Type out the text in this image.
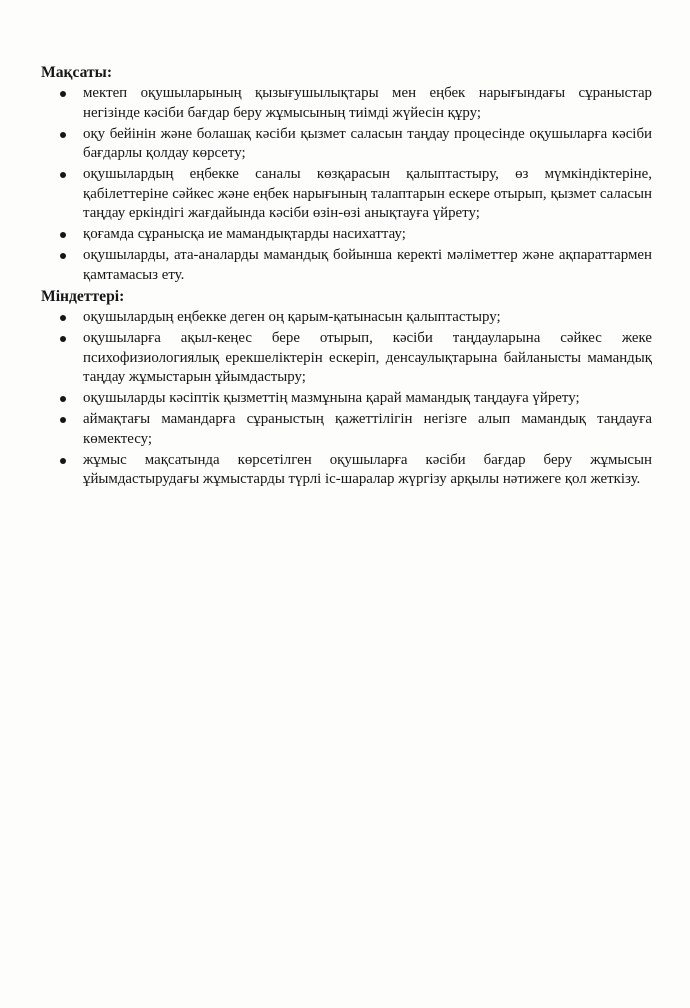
Мақсаты:
мектеп оқушыларының қызығушылықтары мен еңбек нарығындағы сұраныстар негізінде кәсіби бағдар беру жұмысының тиімді жүйесін құру;
оқу бейінін және болашақ кәсіби қызмет саласын таңдау процесінде оқушыларға кәсіби бағдарлы қолдау көрсету;
оқушылардың еңбекке саналы көзқарасын қалыптастыру, өз мүмкіндіктеріне, қабілеттеріне сәйкес және еңбек нарығының талаптарын ескере отырып, қызмет саласын таңдау еркіндігі жағдайында кәсіби өзін-өзі анықтауға үйрету;
қоғамда сұранысқа ие мамандықтарды насихаттау;
оқушыларды, ата-аналарды мамандық бойынша керекті мәліметтер және ақпараттармен қамтамасыз ету.
Міндеттері:
оқушылардың еңбекке деген оң қарым-қатынасын қалыптастыру;
оқушыларға ақыл-кеңес бере отырып, кәсіби таңдауларына сәйкес жеке психофизиологиялық ерекшеліктерін ескеріп, денсаулықтарына байланысты мамандық таңдау жұмыстарын ұйымдастыру;
оқушыларды кәсіптік қызметтің мазмұнына қарай мамандық таңдауға үйрету;
аймақтағы мамандарға сұраныстың қажеттілігін негізге алып мамандық таңдауға көмектесу;
жұмыс мақсатында көрсетілген оқушыларға кәсіби бағдар беру жұмысын ұйымдастырудағы жұмыстарды түрлі іс-шаралар жүргізу арқылы нәтижеге қол жеткізу.
